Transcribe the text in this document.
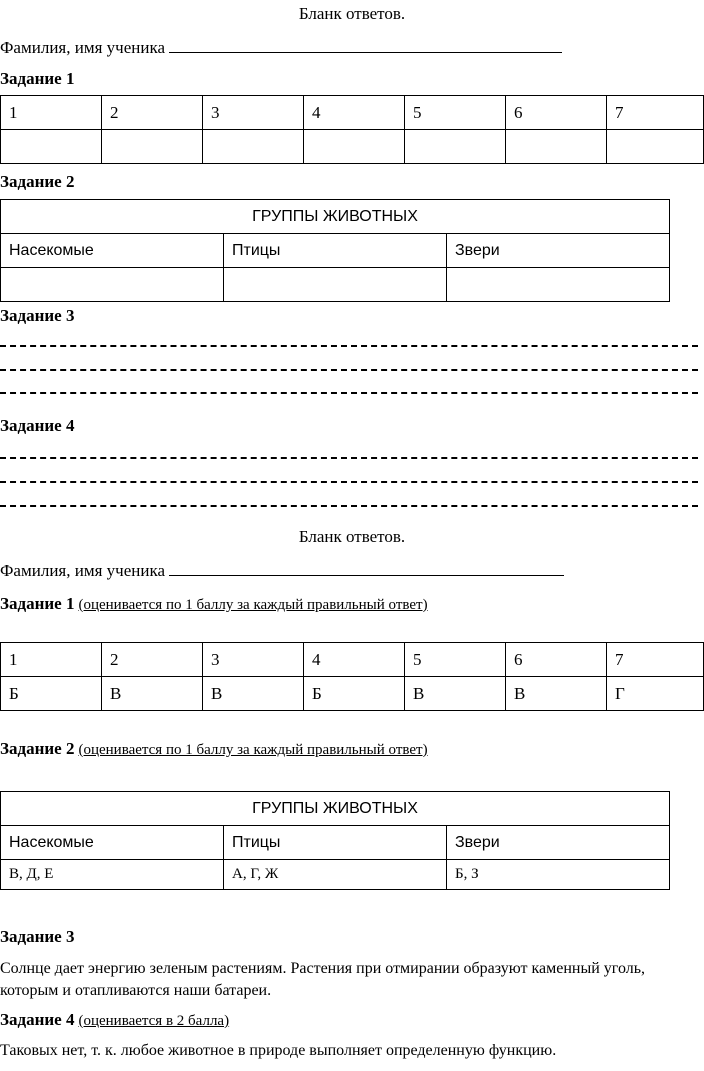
Бланк ответов.
Фамилия, имя ученика
Задание 1
1	2	3	4	5	6	7

Задание 2
ГРУППЫ ЖИВОТНЫХ		
Насекомые	Птицы	Звери

Задание 3
Задание 4
Бланк ответов.
Фамилия, имя ученика
Задание 1 (оценивается по 1 баллу за каждый правильный ответ)
1	2	3	4	5	6	7
Б	В	В	Б	В	В	Г
Задание 2 (оценивается по 1 баллу за каждый правильный ответ)
ГРУППЫ ЖИВОТНЫХ		
Насекомые	Птицы	Звери
В, Д, Е	А, Г, Ж	Б, З
Задание 3
Солнце дает энергию зеленым растениям. Растения при отмирании образуют каменный уголь, которым и отапливаются наши батареи.
Задание 4 (оценивается в 2 балла)
Таковых нет, т. к. любое животное в природе выполняет определенную функцию.
